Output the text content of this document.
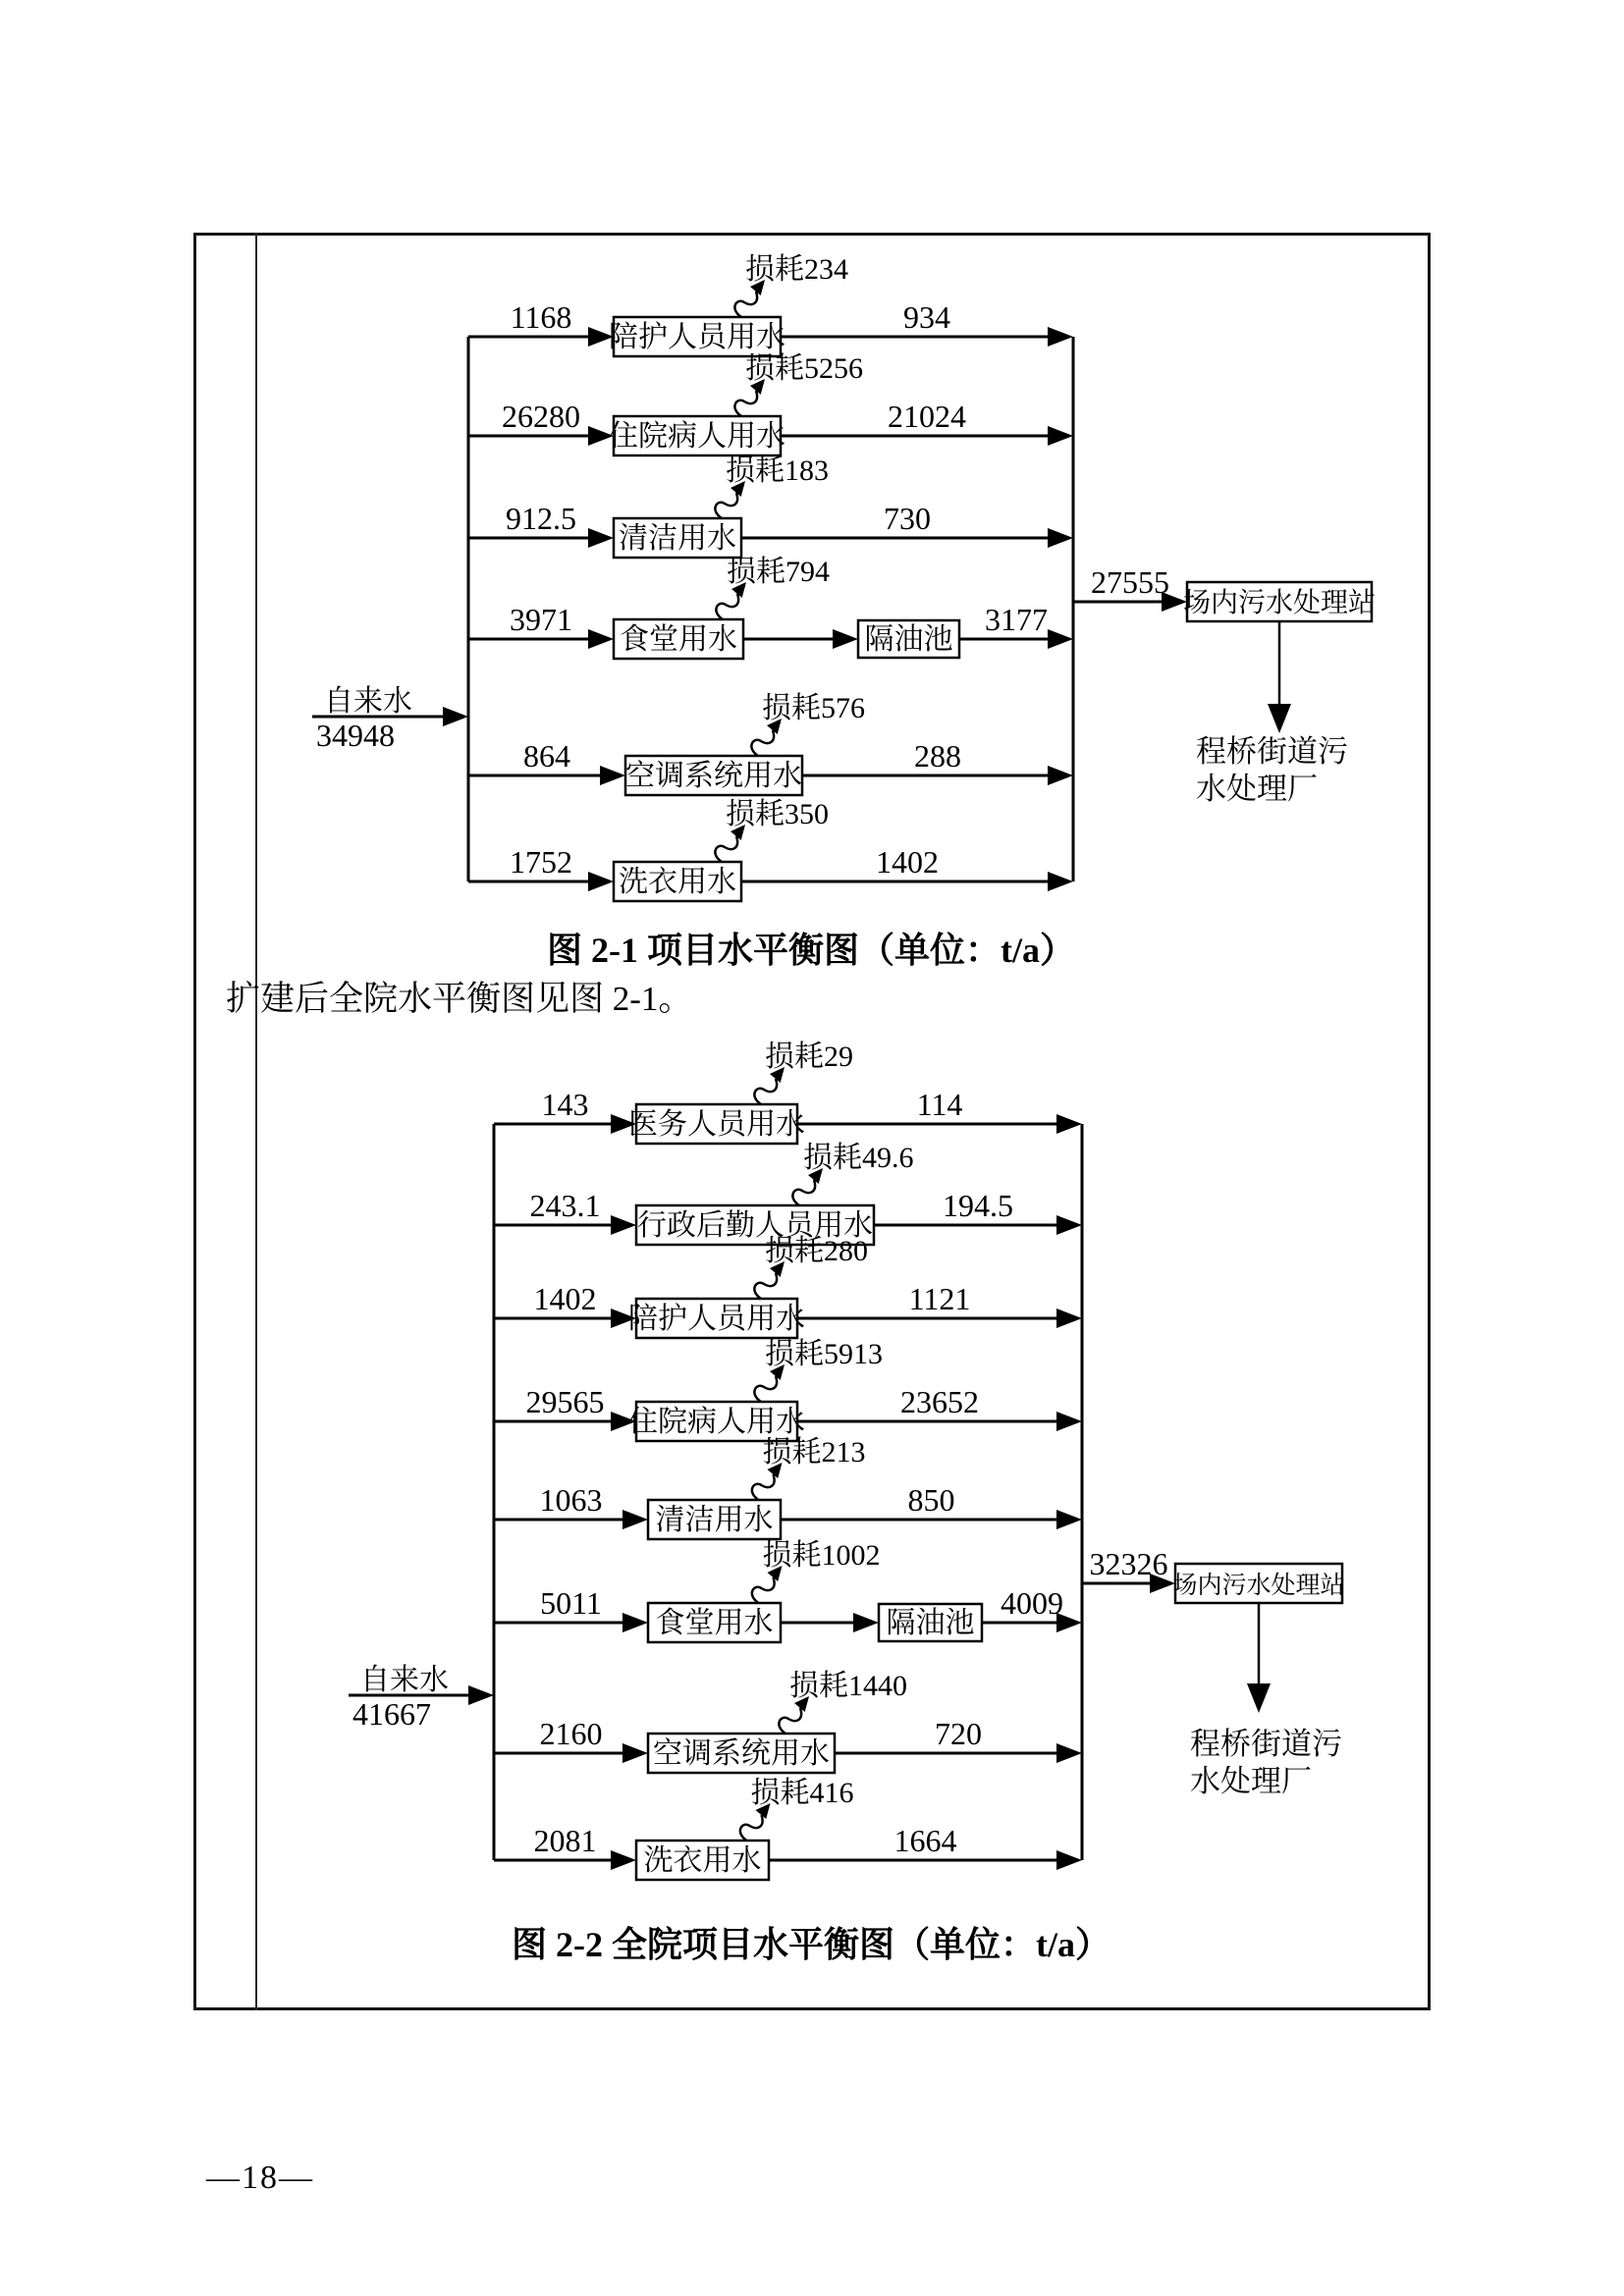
自来水
34948
1168
陪护人员用水
损耗234
934
26280
住院病人用水
损耗5256
21024
912.5
清洁用水
损耗183
730
3971
食堂用水
损耗794
隔油池
3177
864
空调系统用水
损耗576
288
1752
洗衣用水
损耗350
1402
27555
场内污水处理站
程桥街道污
水处理厂
自来水
41667
143
医务人员用水
损耗29
114
243.1
行政后勤人员用水
损耗49.6
194.5
1402
陪护人员用水
损耗280
1121
29565
住院病人用水
损耗5913
23652
1063
清洁用水
损耗213
850
5011
食堂用水
损耗1002
隔油池
4009
2160
空调系统用水
损耗1440
720
2081
洗衣用水
损耗416
1664
32326
场内污水处理站
程桥街道污
水处理厂
图 2-1 项目水平衡图（单位：t/a）
扩建后全院水平衡图见图 2-1。
图 2-2 全院项目水平衡图（单位：t/a）
—18—
